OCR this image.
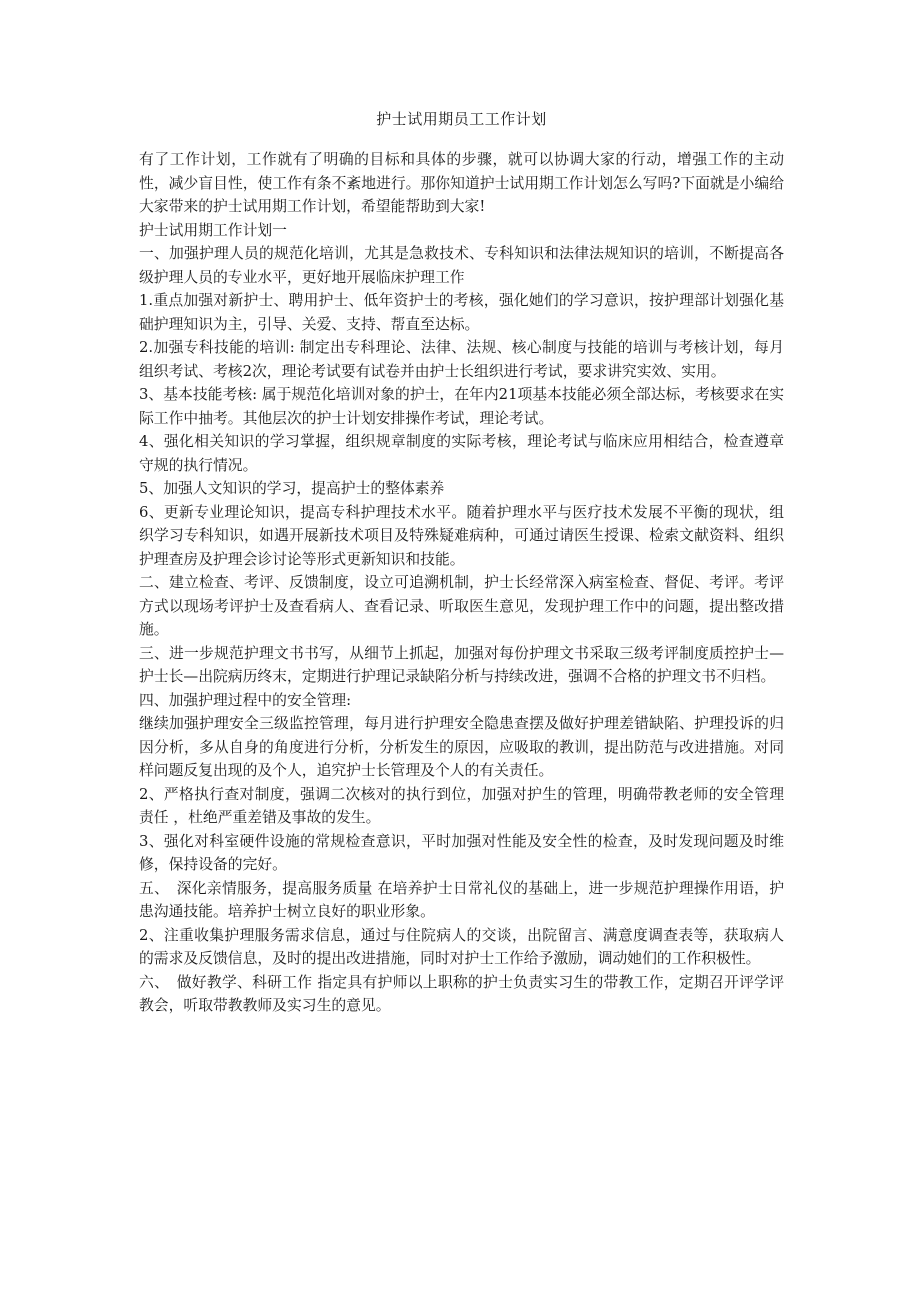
护士试用期员工工作计划

有了工作计划，工作就有了明确的目标和具体的步骤，就可以协调大家的行动，增强工作的主动性，减少盲目性，使工作有条不紊地进行。那你知道护士试用期工作计划怎么写吗?下面就是小编给大家带来的护士试用期工作计划，希望能帮助到大家!

护士试用期工作计划一

一、加强护理人员的规范化培训，尤其是急救技术、专科知识和法律法规知识的培训，不断提高各级护理人员的专业水平，更好地开展临床护理工作

1.重点加强对新护士、聘用护士、低年资护士的考核，强化她们的学习意识，按护理部计划强化基础护理知识为主，引导、关爱、支持、帮直至达标。

2.加强专科技能的培训: 制定出专科理论、法律、法规、核心制度与技能的培训与考核计划，每月组织考试、考核2次，理论考试要有试卷并由护士长组织进行考试，要求讲究实效、实用。

3、基本技能考核: 属于规范化培训对象的护士，在年内21项基本技能必须全部达标，考核要求在实际工作中抽考。其他层次的护士计划安排操作考试，理论考试。

4、强化相关知识的学习掌握，组织规章制度的实际考核，理论考试与临床应用相结合，检查遵章守规的执行情况。

5、加强人文知识的学习，提高护士的整体素养

6、更新专业理论知识，提高专科护理技术水平。随着护理水平与医疗技术发展不平衡的现状，组织学习专科知识，如遇开展新技术项目及特殊疑难病种，可通过请医生授课、检索文献资料、组织护理查房及护理会诊讨论等形式更新知识和技能。

二、建立检查、考评、反馈制度，设立可追溯机制，护士长经常深入病室检查、督促、考评。考评方式以现场考评护士及查看病人、查看记录、听取医生意见，发现护理工作中的问题，提出整改措施。

三、进一步规范护理文书书写，从细节上抓起，加强对每份护理文书采取三级考评制度质控护士—护士长—出院病历终末，定期进行护理记录缺陷分析与持续改进，强调不合格的护理文书不归档。

四、加强护理过程中的安全管理:

继续加强护理安全三级监控管理，每月进行护理安全隐患查摆及做好护理差错缺陷、护理投诉的归因分析，多从自身的角度进行分析，分析发生的原因，应吸取的教训，提出防范与改进措施。对同样问题反复出现的及个人，追究护士长管理及个人的有关责任。

2、严格执行查对制度，强调二次核对的执行到位，加强对护生的管理，明确带教老师的安全管理责任 ，杜绝严重差错及事故的发生。

3、强化对科室硬件设施的常规检查意识，平时加强对性能及安全性的检查，及时发现问题及时维修，保持设备的完好。

五、　深化亲情服务，提高服务质量 在培养护士日常礼仪的基础上，进一步规范护理操作用语，护患沟通技能。培养护士树立良好的职业形象。

2、注重收集护理服务需求信息，通过与住院病人的交谈，出院留言、满意度调查表等，获取病人的需求及反馈信息，及时的提出改进措施，同时对护士工作给予激励，调动她们的工作积极性。

六、　做好教学、科研工作 指定具有护师以上职称的护士负责实习生的带教工作，定期召开评学评教会，听取带教教师及实习生的意见。
